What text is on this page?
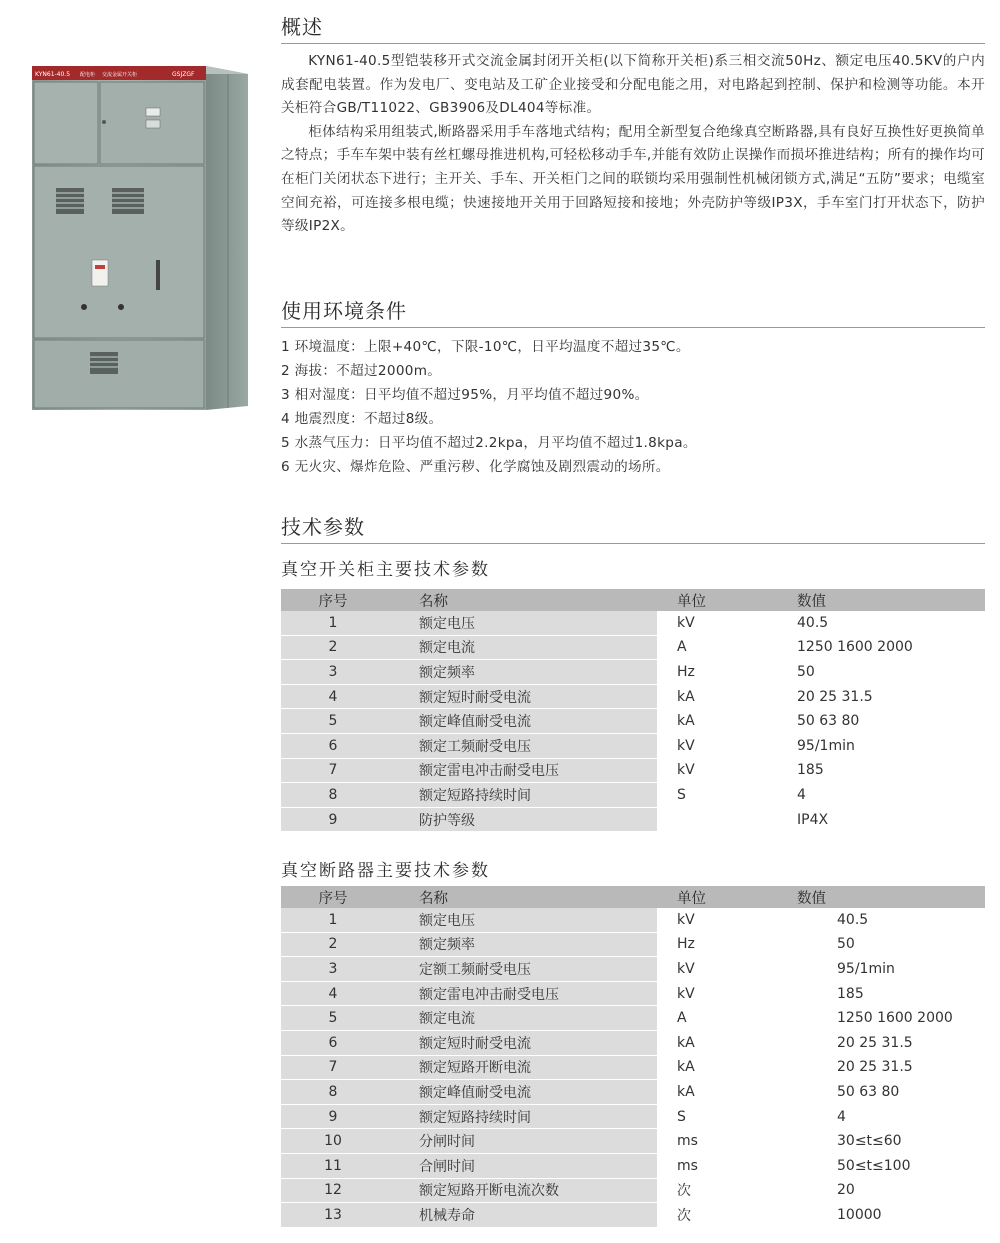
KYN61-40.5 配电柜 交流金属开关柜	GSJZGF
概述

KYN61-40.5型铠装移开式交流金属封闭开关柜(以下简称开关柜)系三相交流50Hz、额定电压40.5KV的户内成套配电装置。作为发电厂、变电站及工矿企业接受和分配电能之用，对电路起到控制、保护和检测等功能。本开关柜符合GB/T11022、GB3906及DL404等标准。

柜体结构采用组装式,断路器采用手车落地式结构；配用全新型复合绝缘真空断路器,具有良好互换性好更换简单之特点；手车车架中装有丝杠螺母推进机构,可轻松移动手车,并能有效防止误操作而损坏推进结构；所有的操作均可在柜门关闭状态下进行；主开关、手车、开关柜门之间的联锁均采用强制性机械闭锁方式,满足“五防”要求；电缆室空间充裕，可连接多根电缆；快速接地开关用于回路短接和接地；外壳防护等级IP3X，手车室门打开状态下，防护等级IP2X。

使用环境条件
1 环境温度：上限+40℃，下限-10℃，日平均温度不超过35℃。
2 海拔：不超过2000m。
3 相对湿度：日平均值不超过95%，月平均值不超过90%。
4 地震烈度：不超过8级。
5 水蒸气压力：日平均值不超过2.2kpa，月平均值不超过1.8kpa。
6 无火灾、爆炸危险、严重污秽、化学腐蚀及剧烈震动的场所。
技术参数
真空开关柜主要技术参数
序号	名称	单位	数值
1	额定电压	kV	40.5
2	额定电流	A	1250 1600 2000
3	额定频率	Hz	50
4	额定短时耐受电流	kA	20 25 31.5
5	额定峰值耐受电流	kA	50 63 80
6	额定工频耐受电压	kV	95/1min
7	额定雷电冲击耐受电压	kV	185
8	额定短路持续时间	S	4
9	防护等级		IP4X
真空断路器主要技术参数
序号	名称	单位	数值
1	额定电压	kV	40.5
2	额定频率	Hz	50
3	定额工频耐受电压	kV	95/1min
4	额定雷电冲击耐受电压	kV	185
5	额定电流	A	1250 1600 2000
6	额定短时耐受电流	kA	20 25 31.5
7	额定短路开断电流	kA	20 25 31.5
8	额定峰值耐受电流	kA	50 63 80
9	额定短路持续时间	S	4
10	分闸时间	ms	30≤t≤60
11	合闸时间	ms	50≤t≤100
12	额定短路开断电流次数	次	20
13	机械寿命	次	10000
